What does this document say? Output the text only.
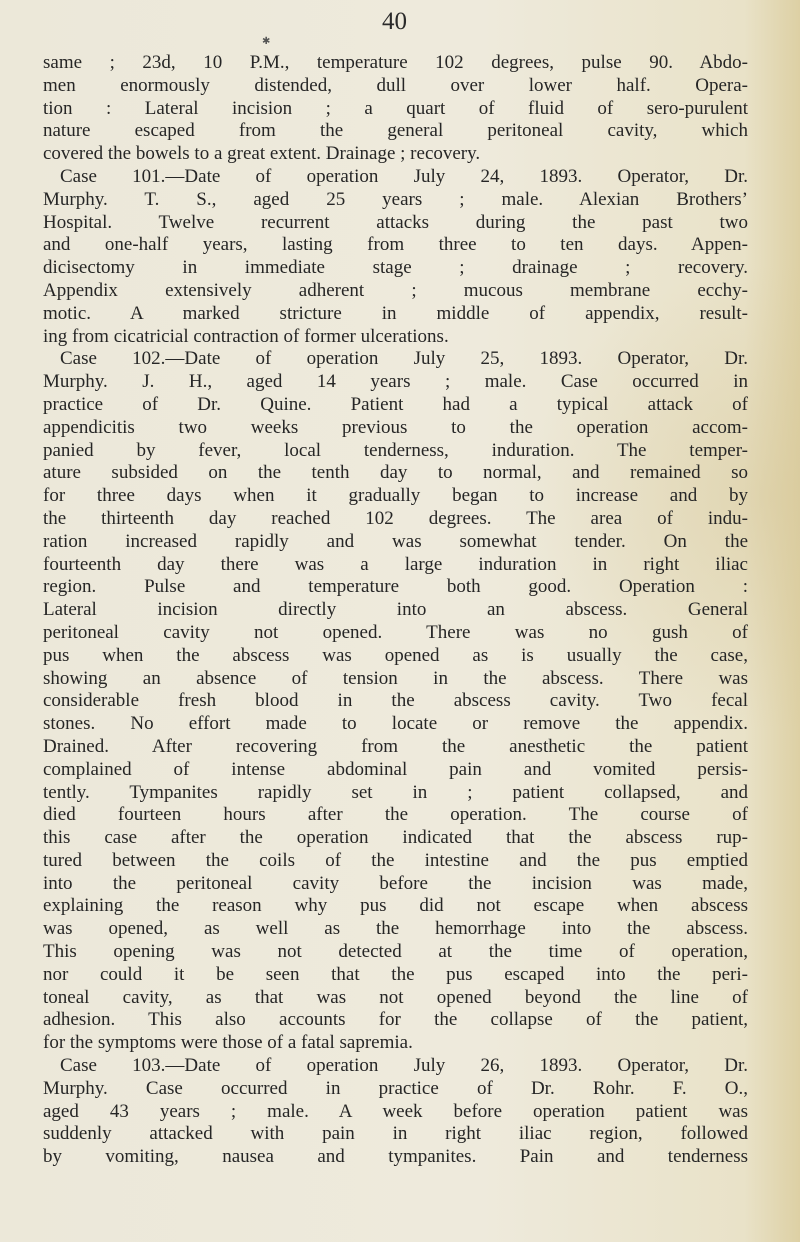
40
✱
same ; 23d, 10 P.M., temperature 102 degrees, pulse 90. Abdo-
men enormously distended, dull over lower half. Opera-
tion : Lateral incision ; a quart of fluid of sero-purulent
nature escaped from the general peritoneal cavity, which
covered the bowels to a great extent. Drainage ; recovery.
Case 101.—Date of operation July 24, 1893. Operator, Dr.
Murphy. T. S., aged 25 years ; male. Alexian Brothers’
Hospital. Twelve recurrent attacks during the past two
and one-half years, lasting from three to ten days. Appen-
dicisectomy in immediate stage ; drainage ; recovery.
Appendix extensively adherent ; mucous membrane ecchy-
motic. A marked stricture in middle of appendix, result-
ing from cicatricial contraction of former ulcerations.
Case 102.—Date of operation July 25, 1893. Operator, Dr.
Murphy. J. H., aged 14 years ; male. Case occurred in
practice of Dr. Quine. Patient had a typical attack of
appendicitis two weeks previous to the operation accom-
panied by fever, local tenderness, induration. The temper-
ature subsided on the tenth day to normal, and remained so
for three days when it gradually began to increase and by
the thirteenth day reached 102 degrees. The area of indu-
ration increased rapidly and was somewhat tender. On the
fourteenth day there was a large induration in right iliac
region. Pulse and temperature both good. Operation :
Lateral incision directly into an abscess. General
peritoneal cavity not opened. There was no gush of
pus when the abscess was opened as is usually the case,
showing an absence of tension in the abscess. There was
considerable fresh blood in the abscess cavity. Two fecal
stones. No effort made to locate or remove the appendix.
Drained. After recovering from the anesthetic the patient
complained of intense abdominal pain and vomited persis-
tently. Tympanites rapidly set in ; patient collapsed, and
died fourteen hours after the operation. The course of
this case after the operation indicated that the abscess rup-
tured between the coils of the intestine and the pus emptied
into the peritoneal cavity before the incision was made,
explaining the reason why pus did not escape when abscess
was opened, as well as the hemorrhage into the abscess.
This opening was not detected at the time of operation,
nor could it be seen that the pus escaped into the peri-
toneal cavity, as that was not opened beyond the line of
adhesion. This also accounts for the collapse of the patient,
for the symptoms were those of a fatal sapremia.
Case 103.—Date of operation July 26, 1893. Operator, Dr.
Murphy. Case occurred in practice of Dr. Rohr. F. O.,
aged 43 years ; male. A week before operation patient was
suddenly attacked with pain in right iliac region, followed
by vomiting, nausea and tympanites. Pain and tenderness
